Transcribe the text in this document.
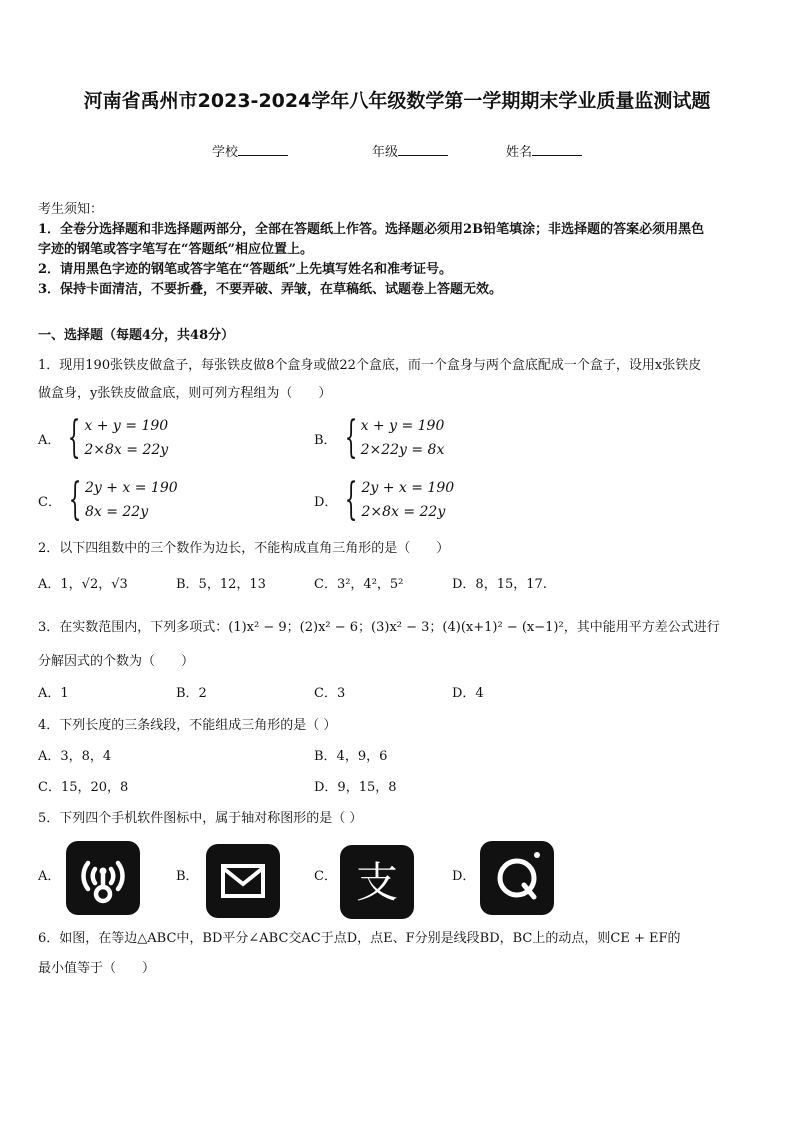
河南省禹州市2023-2024学年八年级数学第一学期期末学业质量监测试题
学校	年级	姓名
考生须知：
1．全卷分选择题和非选择题两部分，全部在答题纸上作答。选择题必须用2B铅笔填涂；非选择题的答案必须用黑色
字迹的钢笔或答字笔写在“答题纸”相应位置上。
2．请用黑色字迹的钢笔或答字笔在“答题纸”上先填写姓名和准考证号。
3．保持卡面清洁，不要折叠，不要弄破、弄皱，在草稿纸、试题卷上答题无效。
一、选择题（每题4分，共48分）
1．现用190张铁皮做盒子，每张铁皮做8个盒身或做22个盒底，而一个盒身与两个盒底配成一个盒子，设用x张铁皮
做盒身，y张铁皮做盒底，则可列方程组为（　　）
A． { x + y = 190
2×8x = 22y
B． { x + y = 190
2×22y = 8x
C． { 2y + x = 190
8x = 22y
D． { 2y + x = 190
2×8x = 22y
2．以下四组数中的三个数作为边长，不能构成直角三角形的是（　　）
A．1，√2，√3	B．5，12，13	C．3²，4²，5²	D．8，15，17.
3．在实数范围内，下列多项式：(1)x² − 9；(2)x² − 6；(3)x² − 3；(4)(x+1)² − (x−1)²，其中能用平方差公式进行
分解因式的个数为（　　）
A．1	B．2	C．3	D．4
4．下列长度的三条线段，不能组成三角形的是（ ）
A．3，8，4	B．4，9，6
C．15，20，8	D．9，15，8
5．下列四个手机软件图标中，属于轴对称图形的是（ ）
A．	B．	C． 支	D．
6．如图，在等边△ABC中，BD平分∠ABC交AC于点D，点E、F分别是线段BD，BC上的动点，则CE + EF的
最小值等于（　　）
